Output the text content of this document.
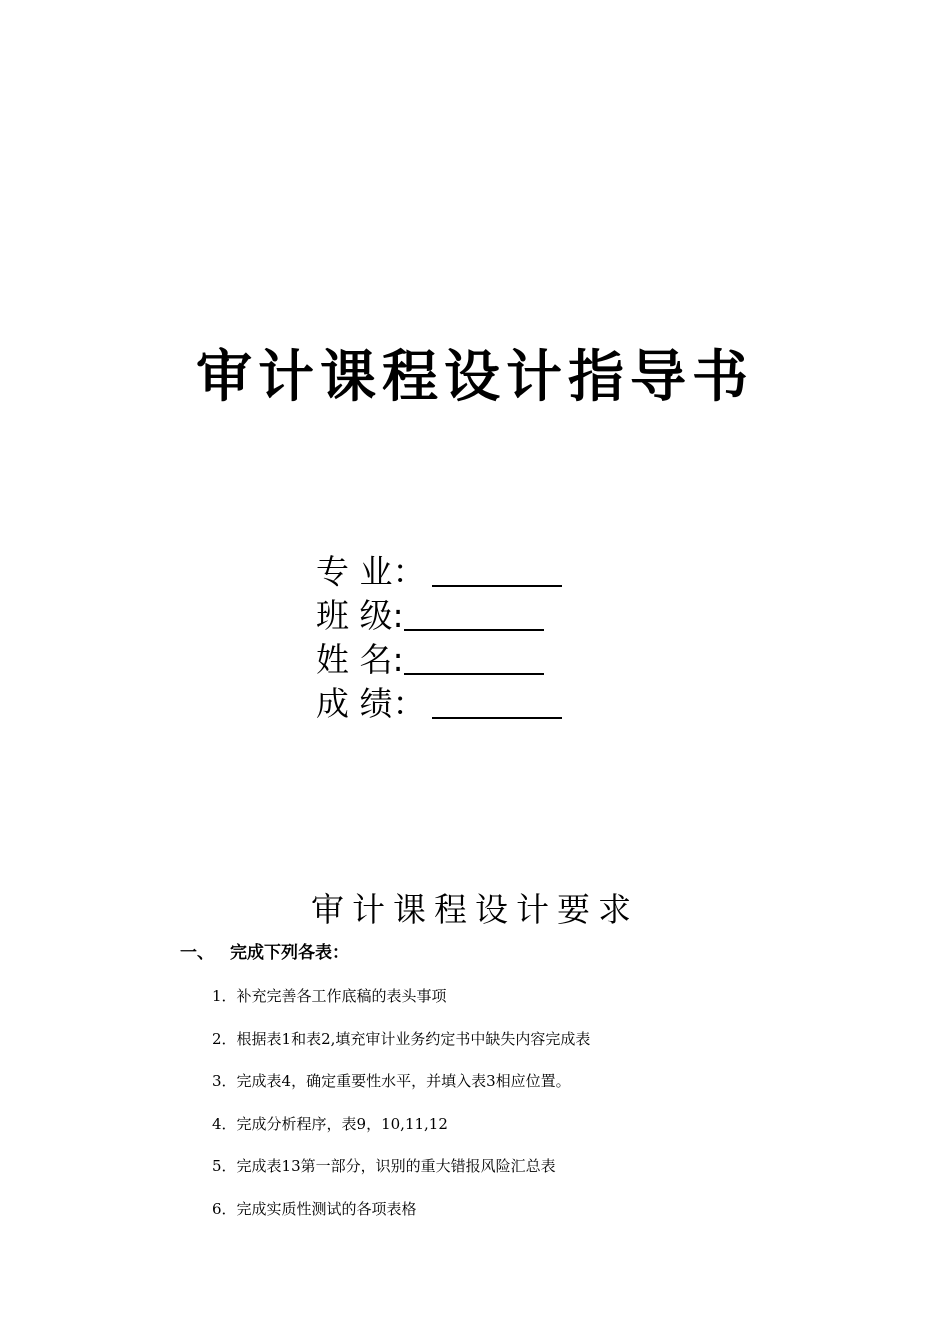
审计课程设计指导书
专 业：
班 级:
姓 名:
成 绩：
审计课程设计要求
一、 完成下列各表：
1．补充完善各工作底稿的表头事项
2．根据表1和表2,填充审计业务约定书中缺失内容完成表
3．完成表4，确定重要性水平，并填入表3相应位置。
4．完成分析程序，表9，10,11,12
5．完成表13第一部分，识别的重大错报风险汇总表
6．完成实质性测试的各项表格
